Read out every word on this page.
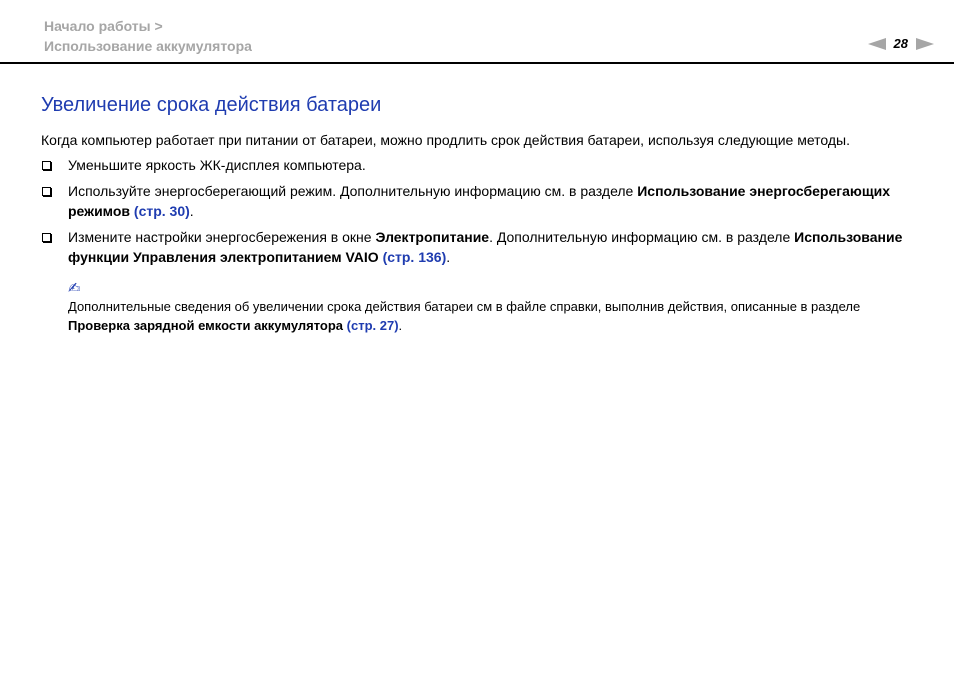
Начало работы >
Использование аккумулятора	28
Увеличение срока действия батареи

Когда компьютер работает при питании от батареи, можно продлить срок действия батареи, используя следующие методы.

Уменьшите яркость ЖК-дисплея компьютера.
Используйте энергосберегающий режим. Дополнительную информацию см. в разделе Использование энергосберегающих режимов (стр. 30).
Измените настройки энергосбережения в окне Электропитание. Дополнительную информацию см. в разделе Использование функции Управления электропитанием VAIO (стр. 136).
✍

Дополнительные сведения об увеличении срока действия батареи см в файле справки, выполнив действия, описанные в разделе Проверка зарядной емкости аккумулятора (стр. 27).
